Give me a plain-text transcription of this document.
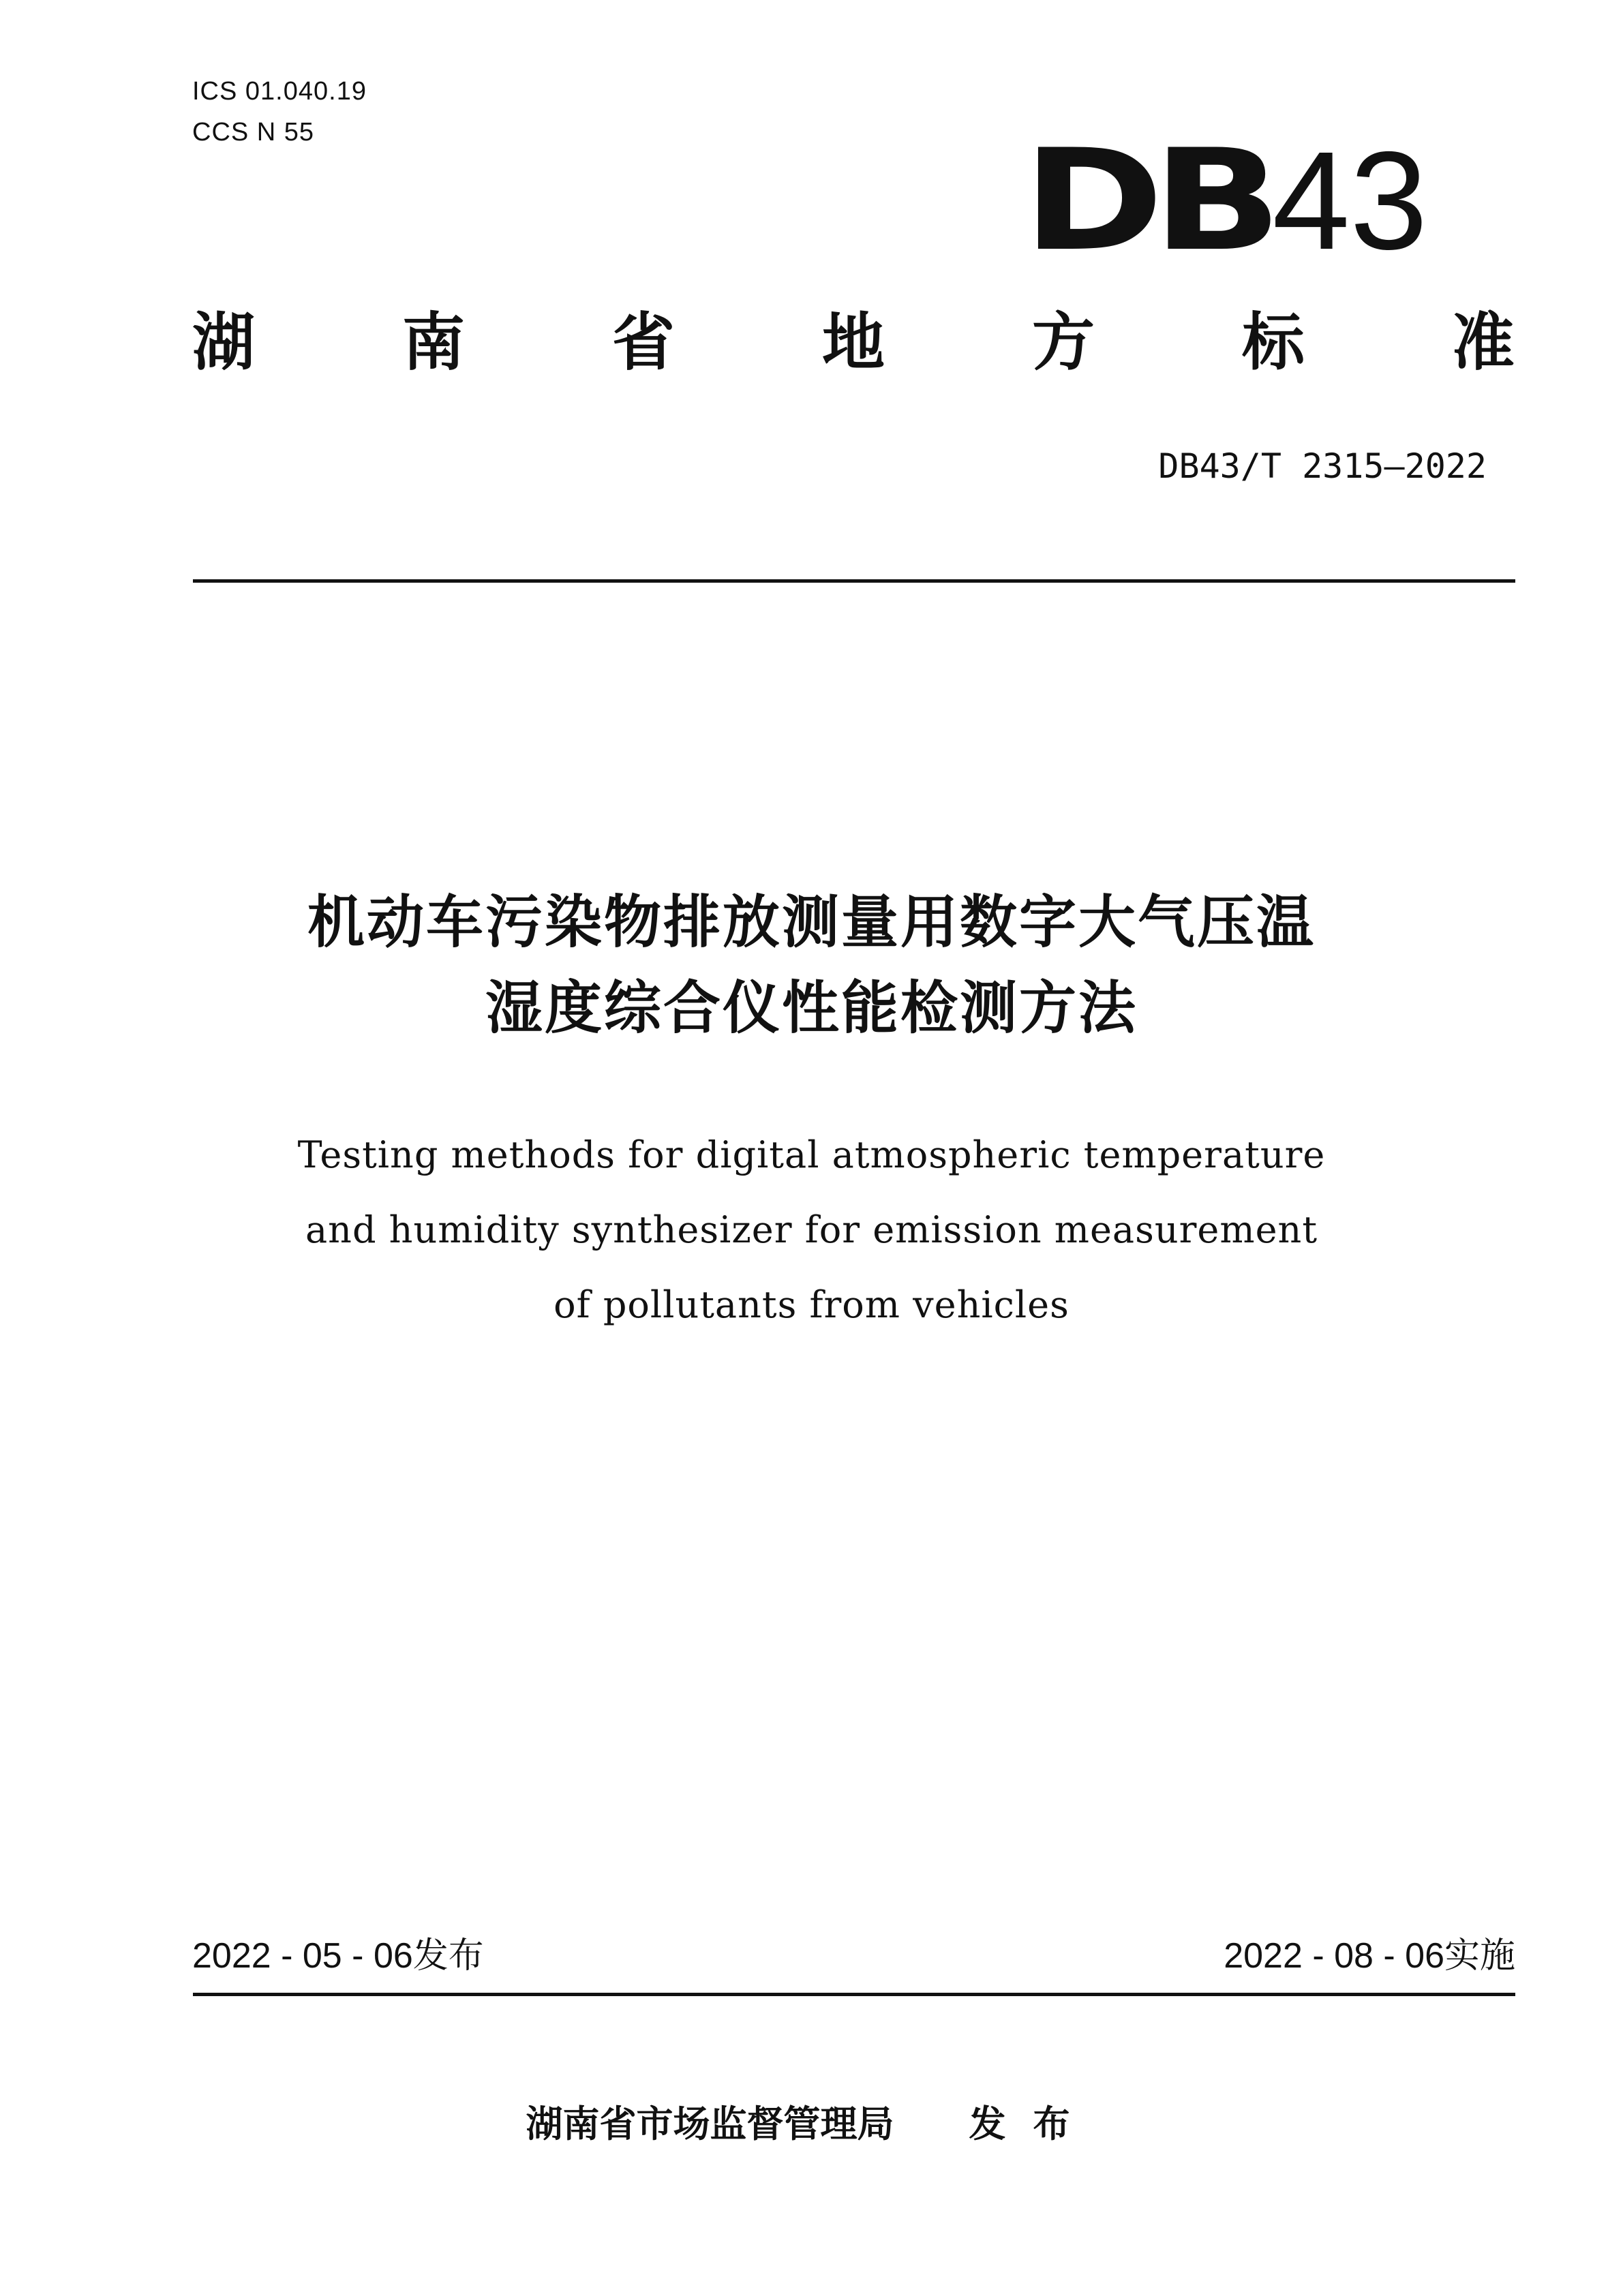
ICS 01.040.19
CCS N 55	DB 43
湖 南 省 地 方 标 准
DB43/T 2315—2022
机动车污染物排放测量用数字大气压温
湿度综合仪性能检测方法
Testing methods for digital atmospheric temperature
and humidity synthesizer for emission measurement
of pollutants from vehicles
2022 - 05 - 06发布	2022 - 08 - 06实施
湖南省市场监督管理局 发布
